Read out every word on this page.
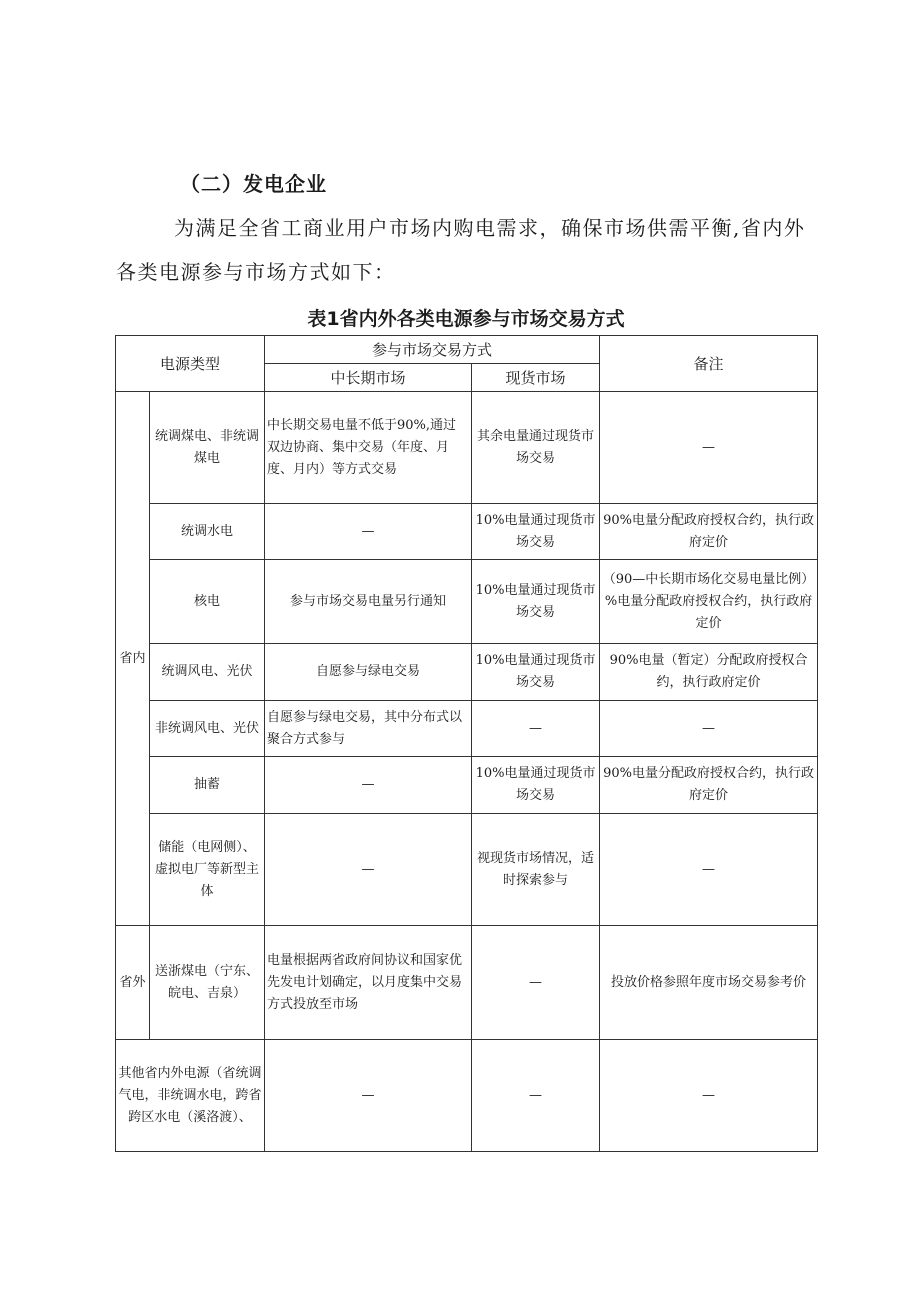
（二）发电企业
为满足全省工商业用户市场内购电需求，确保市场供需平衡,省内外各类电源参与市场方式如下：
表1省内外各类电源参与市场交易方式
电源类型		参与市场交易方式		备注
		中长期市场	现货市场	
省内	统调煤电、非统调煤电	中长期交易电量不低于90%,通过双边协商、集中交易（年度、月度、月内）等方式交易	其余电量通过现货市场交易	—
	统调水电	—	10%电量通过现货市场交易	90%电量分配政府授权合约，执行政府定价
	核电	参与市场交易电量另行通知	10%电量通过现货市场交易	（90—中长期市场化交易电量比例）%电量分配政府授权合约，执行政府定价
	统调风电、光伏	自愿参与绿电交易	10%电量通过现货市场交易	90%电量（暂定）分配政府授权合约，执行政府定价
	非统调风电、光伏	自愿参与绿电交易，其中分布式以聚合方式参与	—	—
	抽蓄	—	10%电量通过现货市场交易	90%电量分配政府授权合约，执行政府定价
	储能（电网侧）、虚拟电厂等新型主体	—	视现货市场情况，适时探索参与	—
省外	送浙煤电（宁东、皖电、吉泉）	电量根据两省政府间协议和国家优先发电计划确定，以月度集中交易方式投放至市场	—	投放价格参照年度市场交易参考价
其他省内外电源（省统调气电，非统调水电，跨省跨区水电（溪洛渡）、		—	—	—
